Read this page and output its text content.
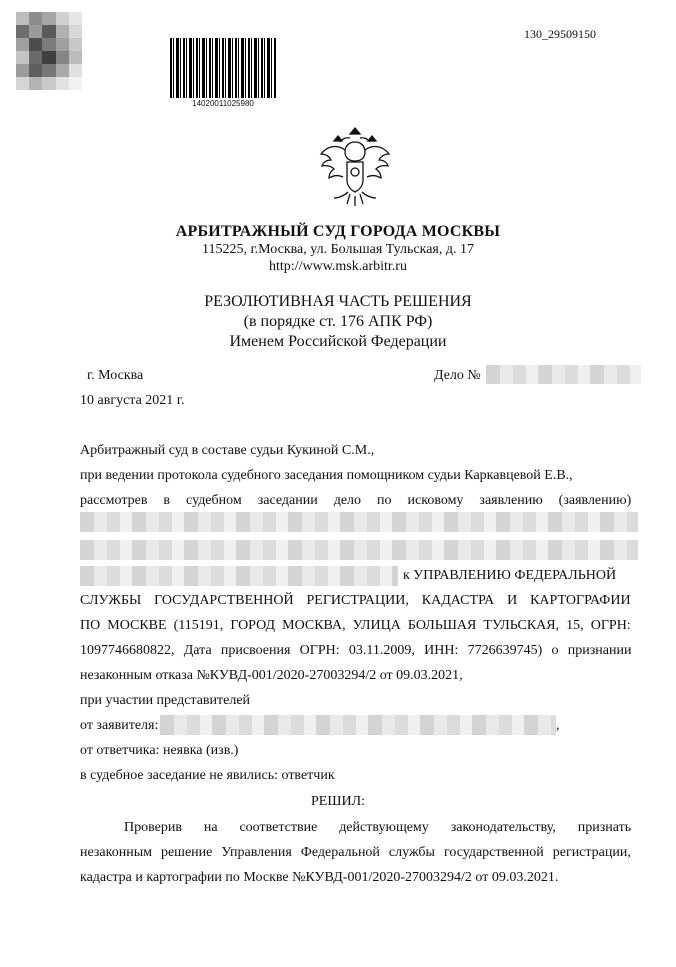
14020011025980
130_29509150
АРБИТРАЖНЫЙ СУД ГОРОДА МОСКВЫ
115225, г.Москва, ул. Большая Тульская, д. 17
http://www.msk.arbitr.ru
РЕЗОЛЮТИВНАЯ ЧАСТЬ РЕШЕНИЯ
(в порядке ст. 176 АПК РФ)
Именем Российской Федерации
г. Москва	Дело №
10 августа 2021 г.
Арбитражный суд в составе судьи Кукиной С.М.,
при ведении протокола судебного заседания помощником судьи Каркавцевой Е.В.,
рассмотрев в судебном заседании дело по исковому заявлению (заявлению)
к УПРАВЛЕНИЮ ФЕДЕРАЛЬНОЙ
СЛУЖБЫ ГОСУДАРСТВЕННОЙ РЕГИСТРАЦИИ, КАДАСТРА И КАРТОГРАФИИ
ПО МОСКВЕ (115191, ГОРОД МОСКВА, УЛИЦА БОЛЬШАЯ ТУЛЬСКАЯ, 15, ОГРН:
1097746680822, Дата присвоения ОГРН: 03.11.2009, ИНН: 7726639745) о признании
незаконным отказа №КУВД-001/2020-27003294/2 от 09.03.2021,
при участии представителей
от заявителя:	,
от ответчика: неявка (изв.)
в судебное заседание не явились: ответчик
РЕШИЛ:
Проверив на соответствие действующему законодательству, признать
незаконным решение Управления Федеральной службы государственной регистрации,
кадастра и картографии по Москве №КУВД-001/2020-27003294/2 от 09.03.2021.
